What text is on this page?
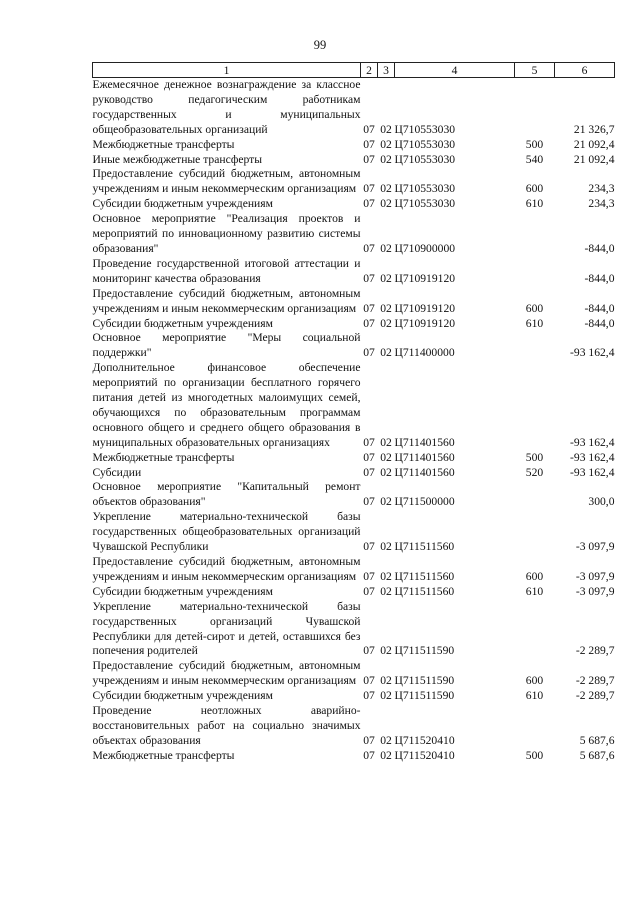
99
1	2	3	4	5	6
Ежемесячное денежное вознаграждение за классное руководство педагогическим работникам государственных и муниципальных общеобразовательных организаций	07	02	Ц710553030		21 326,7
Межбюджетные трансферты	07	02	Ц710553030	500	21 092,4
Иные межбюджетные трансферты	07	02	Ц710553030	540	21 092,4
Предоставление субсидий бюджетным, автономным учреждениям и иным некоммерческим организациям	07	02	Ц710553030	600	234,3
Субсидии бюджетным учреждениям	07	02	Ц710553030	610	234,3
Основное мероприятие "Реализация проектов и мероприятий по инновационному развитию системы образования"	07	02	Ц710900000		-844,0
Проведение государственной итоговой аттестации и мониторинг качества образования	07	02	Ц710919120		-844,0
Предоставление субсидий бюджетным, автономным учреждениям и иным некоммерческим организациям	07	02	Ц710919120	600	-844,0
Субсидии бюджетным учреждениям	07	02	Ц710919120	610	-844,0
Основное мероприятие "Меры социальной поддержки"	07	02	Ц711400000		-93 162,4
Дополнительное финансовое обеспечение мероприятий по организации бесплатного горячего питания детей из многодетных малоимущих семей, обучающихся по образовательным программам основного общего и среднего общего образования в муниципальных образовательных организациях	07	02	Ц711401560		-93 162,4
Межбюджетные трансферты	07	02	Ц711401560	500	-93 162,4
Субсидии	07	02	Ц711401560	520	-93 162,4
Основное мероприятие "Капитальный ремонт объектов образования"	07	02	Ц711500000		300,0
Укрепление материально-технической базы государственных общеобразовательных организаций Чувашской Республики	07	02	Ц711511560		-3 097,9
Предоставление субсидий бюджетным, автономным учреждениям и иным некоммерческим организациям	07	02	Ц711511560	600	-3 097,9
Субсидии бюджетным учреждениям	07	02	Ц711511560	610	-3 097,9
Укрепление материально-технической базы государственных организаций Чувашской Республики для детей-сирот и детей, оставшихся без попечения родителей	07	02	Ц711511590		-2 289,7
Предоставление субсидий бюджетным, автономным учреждениям и иным некоммерческим организациям	07	02	Ц711511590	600	-2 289,7
Субсидии бюджетным учреждениям	07	02	Ц711511590	610	-2 289,7
Проведение неотложных аварийно-восстановительных работ на социально значимых объектах образования	07	02	Ц711520410		5 687,6
Межбюджетные трансферты	07	02	Ц711520410	500	5 687,6
